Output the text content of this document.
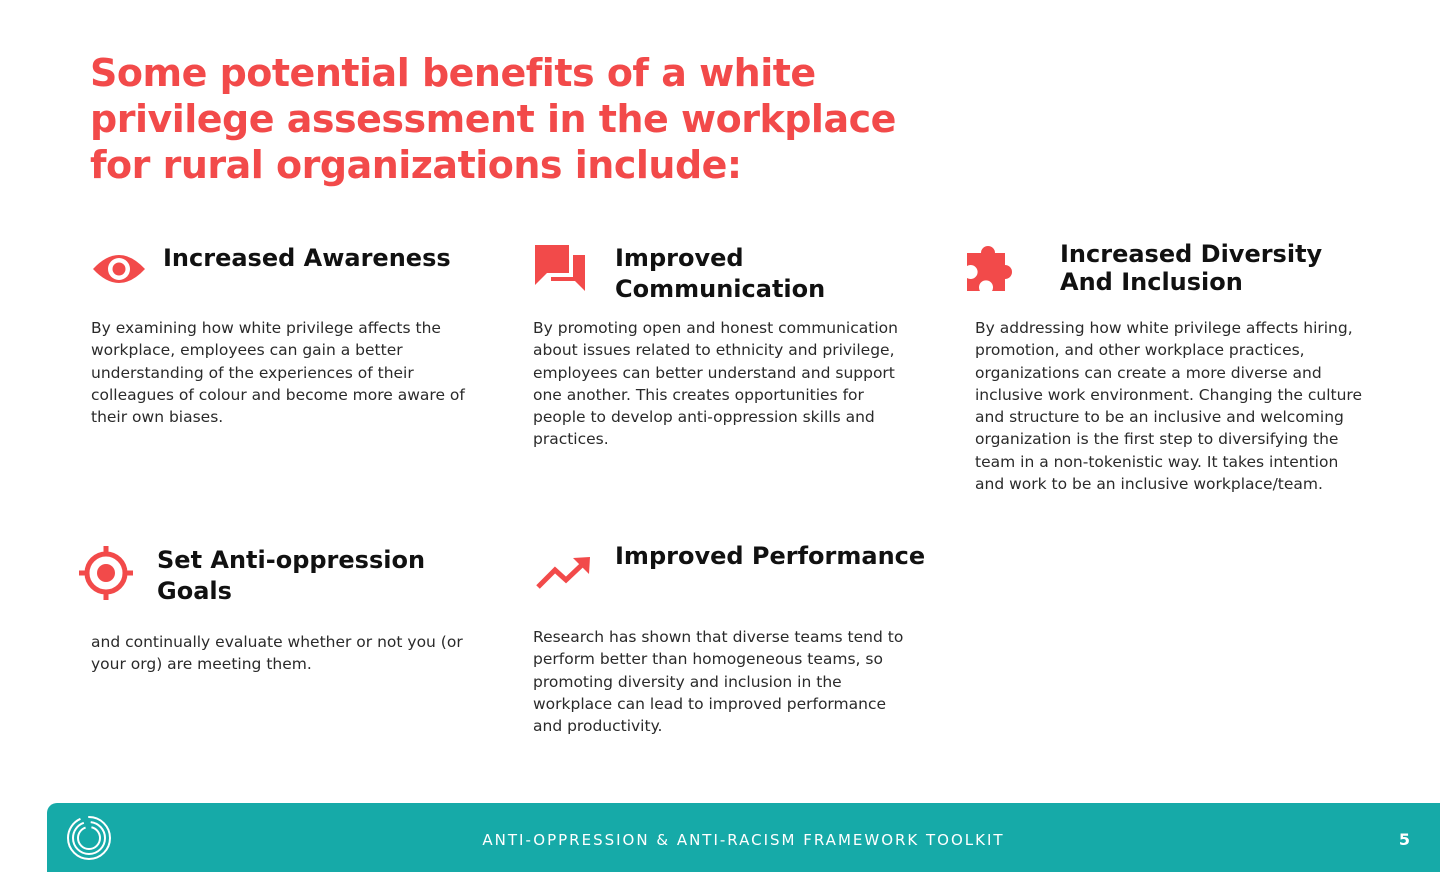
Some potential benefits of a white privilege assessment in the workplace for rural organizations include:
Increased Awareness

By examining how white privilege affects the workplace, employees can gain a better understanding of the experiences of their colleagues of colour and become more aware of their own biases.

Improved Communication

By promoting open and honest communication about issues related to ethnicity and privilege, employees can better understand and support one another. This creates opportunities for people to develop anti-oppression skills and practices.

Increased Diversity And Inclusion

By addressing how white privilege affects hiring, promotion, and other workplace practices, organizations can create a more diverse and inclusive work environment. Changing the culture and structure to be an inclusive and welcoming organization is the first step to diversifying the team in a non-tokenistic way. It takes intention and work to be an inclusive workplace/team.

Set Anti-oppression Goals

and continually evaluate whether or not you (or your org) are meeting them.

Improved Performance

Research has shown that diverse teams tend to perform better than homogeneous teams, so promoting diversity and inclusion in the workplace can lead to improved performance and productivity.

ANTI-OPPRESSION & ANTI-RACISM FRAMEWORK TOOLKIT	5
